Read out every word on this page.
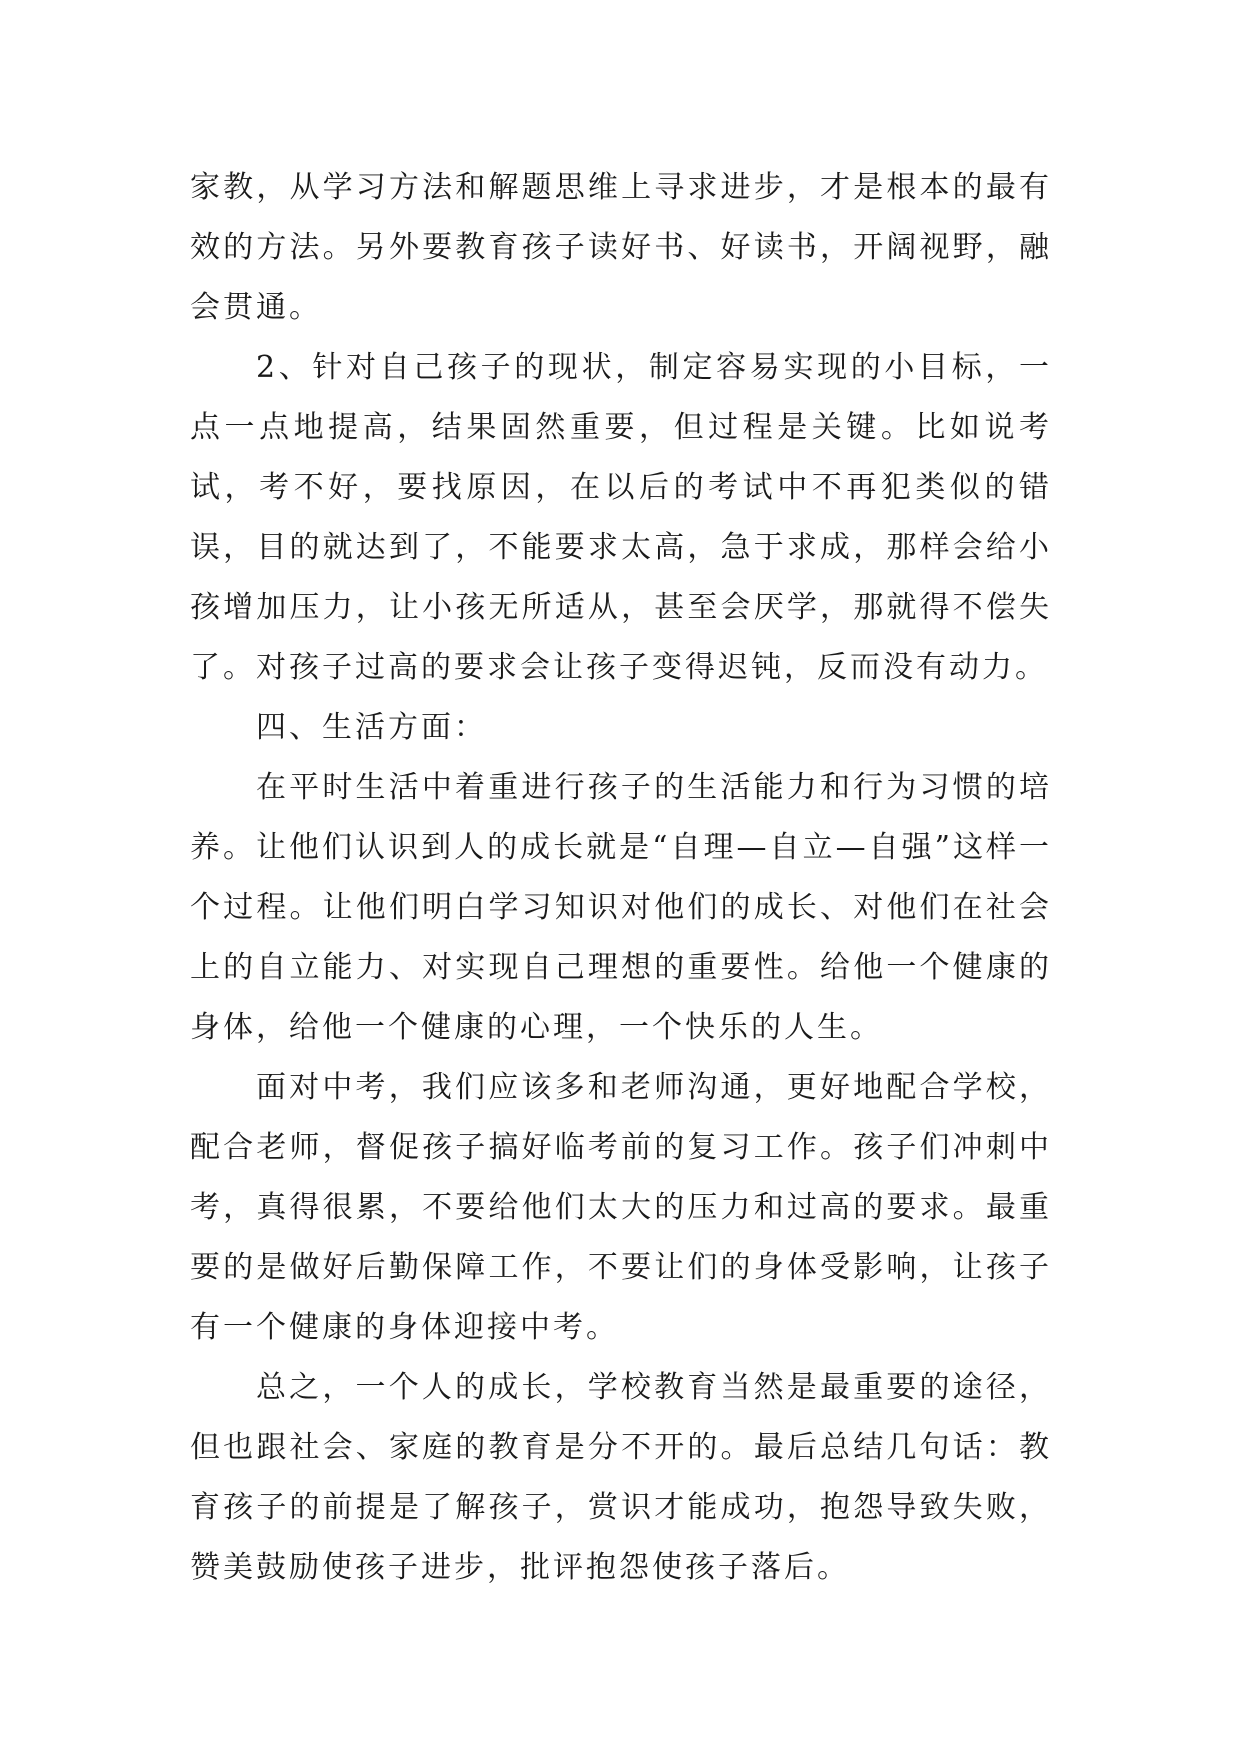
家教，从学习方法和解题思维上寻求进步，才是根本的最有效的方法。另外要教育孩子读好书、好读书，开阔视野，融会贯通。

2、针对自己孩子的现状，制定容易实现的小目标，一点一点地提高，结果固然重要，但过程是关键。比如说考试，考不好，要找原因，在以后的考试中不再犯类似的错误，目的就达到了，不能要求太高，急于求成，那样会给小孩增加压力，让小孩无所适从，甚至会厌学，那就得不偿失了。对孩子过高的要求会让孩子变得迟钝，反而没有动力。

四、生活方面：

在平时生活中着重进行孩子的生活能力和行为习惯的培养。让他们认识到人的成长就是“自理—自立—自强”这样一个过程。让他们明白学习知识对他们的成长、对他们在社会上的自立能力、对实现自己理想的重要性。给他一个健康的身体，给他一个健康的心理，一个快乐的人生。

面对中考，我们应该多和老师沟通，更好地配合学校，配合老师，督促孩子搞好临考前的复习工作。孩子们冲刺中考，真得很累，不要给他们太大的压力和过高的要求。最重要的是做好后勤保障工作，不要让们的身体受影响，让孩子有一个健康的身体迎接中考。

总之，一个人的成长，学校教育当然是最重要的途径，但也跟社会、家庭的教育是分不开的。最后总结几句话：教育孩子的前提是了解孩子，赏识才能成功，抱怨导致失败，赞美鼓励使孩子进步，批评抱怨使孩子落后。
